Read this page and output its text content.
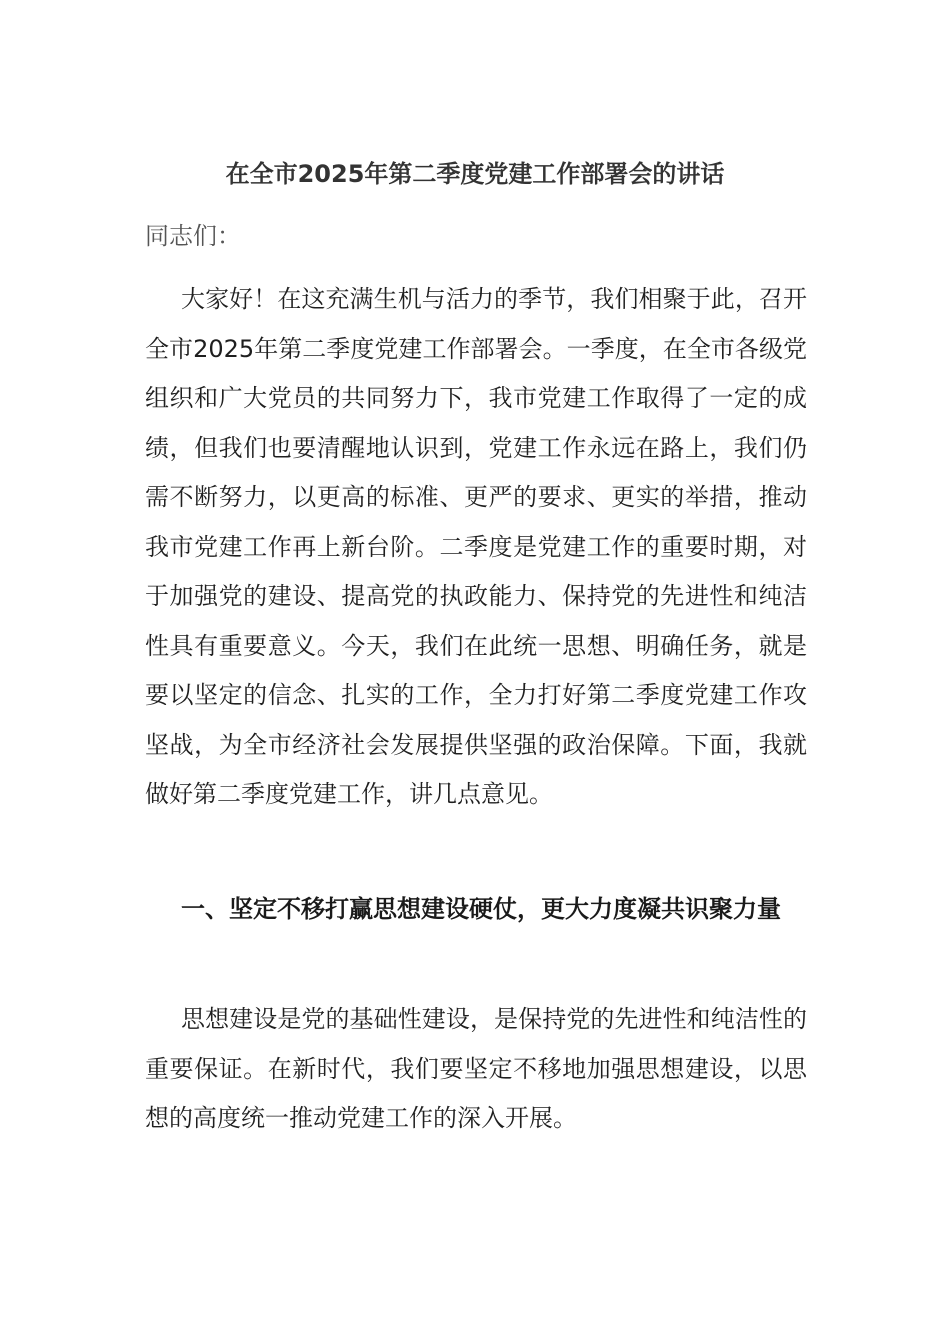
在全市2025年第二季度党建工作部署会的讲话
同志们：

大家好！在这充满生机与活力的季节，我们相聚于此，召开全市2025年第二季度党建工作部署会。一季度，在全市各级党组织和广大党员的共同努力下，我市党建工作取得了一定的成绩，但我们也要清醒地认识到，党建工作永远在路上，我们仍需不断努力，以更高的标准、更严的要求、更实的举措，推动我市党建工作再上新台阶。二季度是党建工作的重要时期，对于加强党的建设、提高党的执政能力、保持党的先进性和纯洁性具有重要意义。今天，我们在此统一思想、明确任务，就是要以坚定的信念、扎实的工作，全力打好第二季度党建工作攻坚战，为全市经济社会发展提供坚强的政治保障。下面，我就做好第二季度党建工作，讲几点意见。

一、坚定不移打赢思想建设硬仗，更大力度凝共识聚力量

思想建设是党的基础性建设，是保持党的先进性和纯洁性的重要保证。在新时代，我们要坚定不移地加强思想建设，以思想的高度统一推动党建工作的深入开展。
